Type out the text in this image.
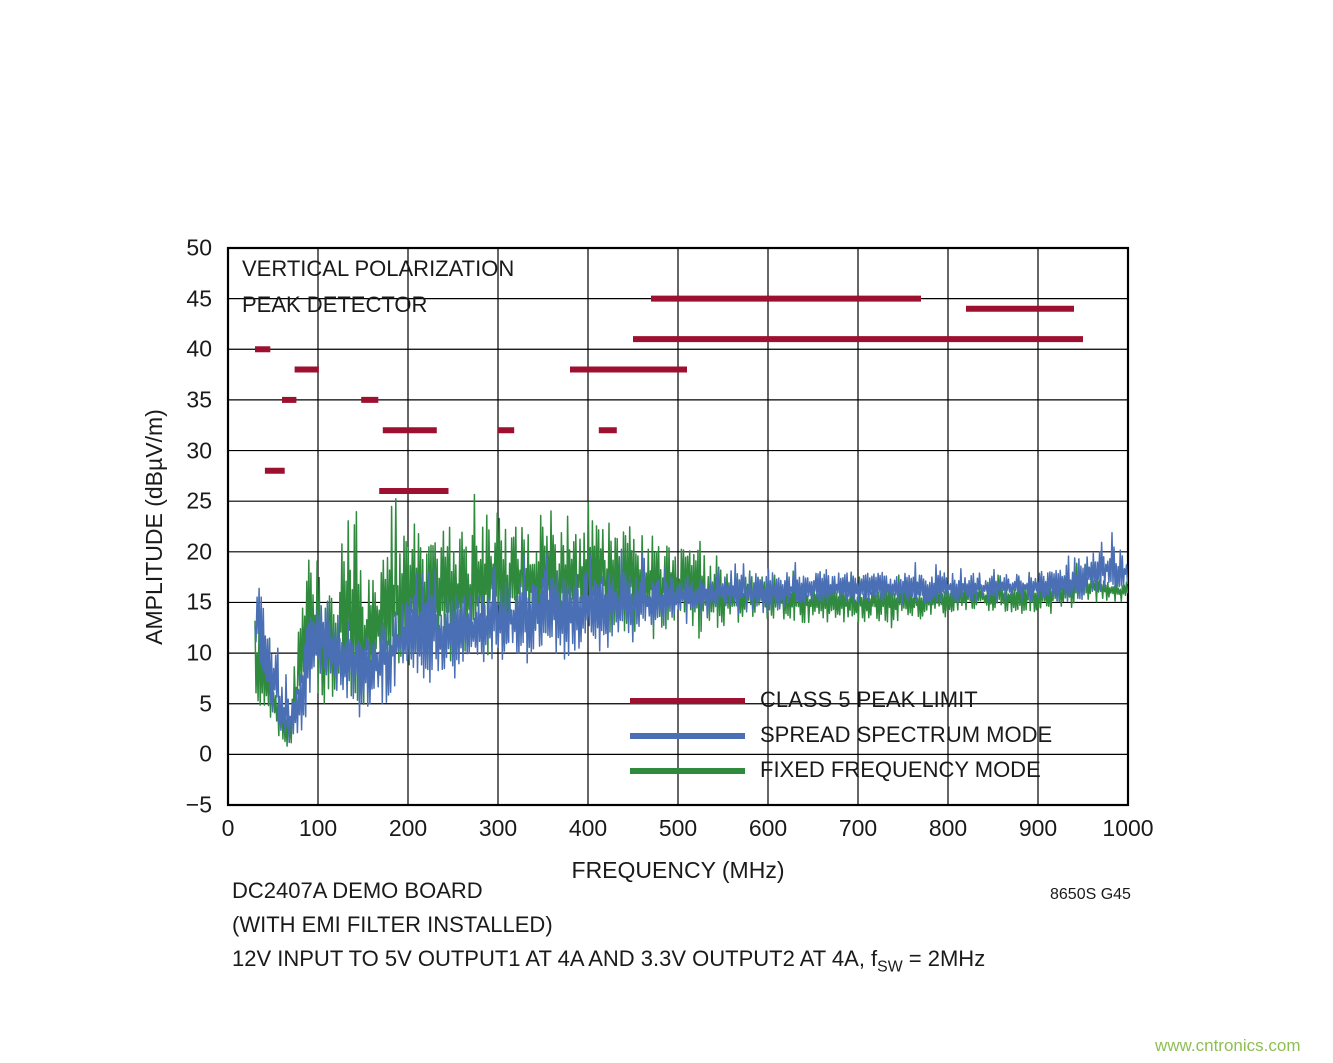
0	100 200 300 400 500 600 700 800 900 1000
−5
0
5
10
15
20
25
30
35
40
45
50
FREQUENCY (MHz)
AMPLITUDE (dBµV/m)
VERTICAL POLARIZATION
PEAK DETECTOR
CLASS 5 PEAK LIMIT
SPREAD SPECTRUM MODE
FIXED FREQUENCY MODE
DC2407A DEMO BOARD
(WITH EMI FILTER INSTALLED)
12V INPUT TO 5V OUTPUT1 AT 4A AND 3.3V OUTPUT2 AT 4A, $f_{SW} = 2MHz$
8650S G45
www.cntronics.com
